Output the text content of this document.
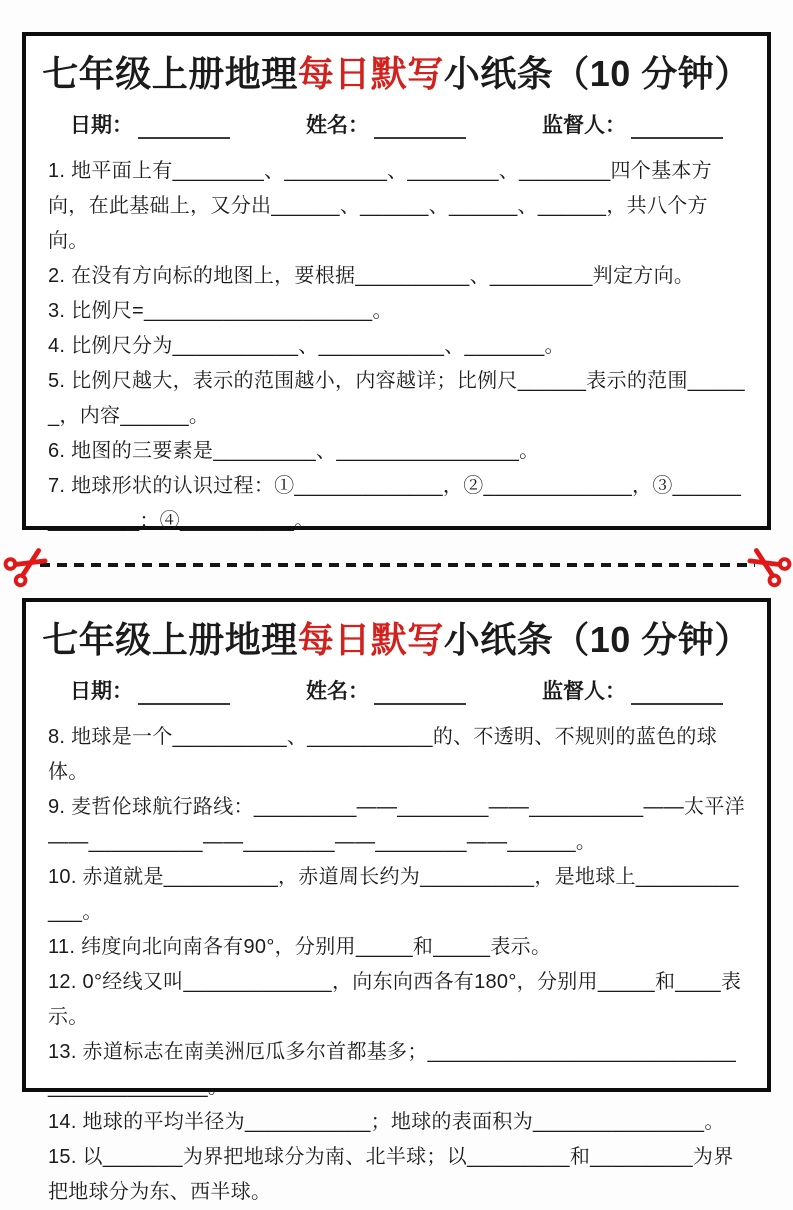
七年级上册地理每日默写小纸条（10 分钟）
日期：	姓名：	监督人：

1. 地平面上有________、_________、________、________四个基本方向，在此基础上，又分出______、______、______、______，共八个方向。

2. 在没有方向标的地图上，要根据__________、_________判定方向。

3. 比例尺=____________________。

4. 比例尺分为___________、___________、_______。

5. 比例尺越大，表示的范围越小，内容越详；比例尺______表示的范围______，内容______。

6. 地图的三要素是_________、________________。

7. 地球形状的认识过程：①_____________，②_____________，③______________；④__________。

七年级上册地理每日默写小纸条（10 分钟）
日期：	姓名：	监督人：

8. 地球是一个__________、___________的、不透明、不规则的蓝色的球体。

9. 麦哲伦球航行路线：_________——________——__________——太平洋——__________——________——________——______。

10. 赤道就是__________，赤道周长约为__________，是地球上____________。

11. 纬度向北向南各有90°，分别用_____和_____表示。

12. 0°经线又叫_____________，向东向西各有180°，分别用_____和____表示。

13. 赤道标志在南美洲厄瓜多尔首都基多；_________________________________________。

14. 地球的平均半径为___________；地球的表面积为_______________。

15. 以_______为界把地球分为南、北半球；以_________和_________为界把地球分为东、西半球。
